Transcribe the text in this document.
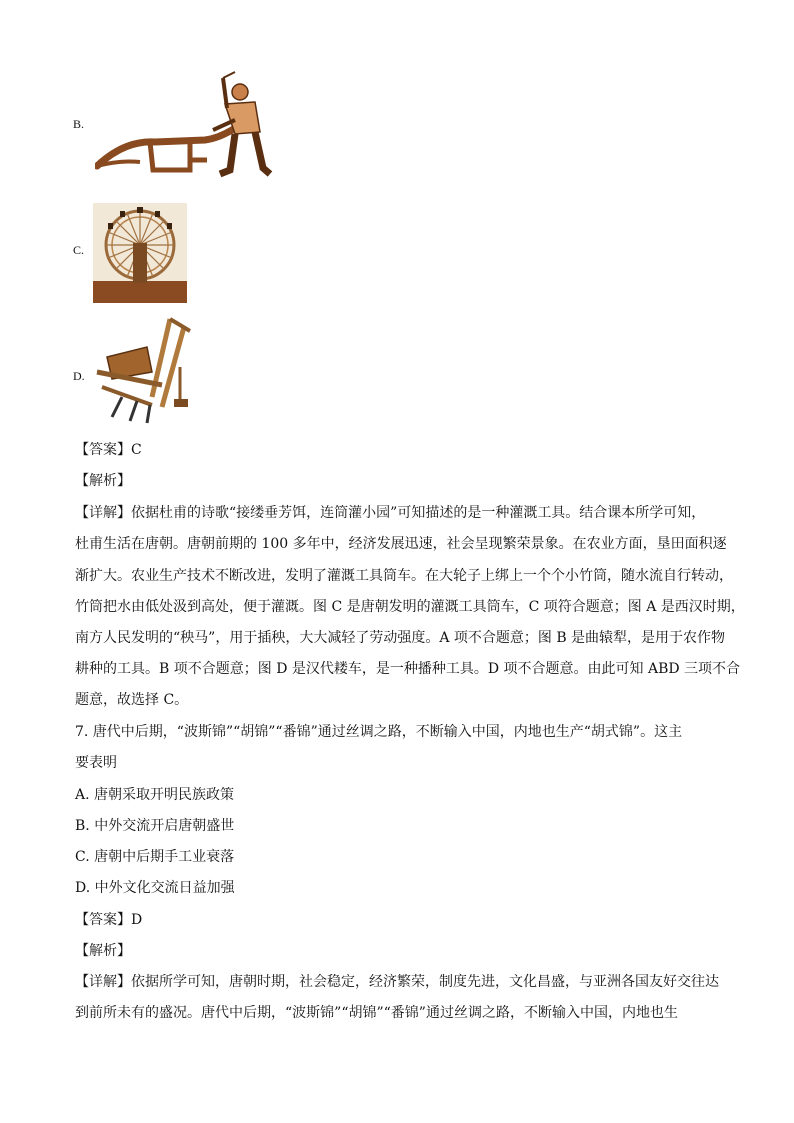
B.
C.
D.
【答案】C
【解析】
【详解】依据杜甫的诗歌“接缕垂芳饵，连筒灌小园”可知描述的是一种灌溉工具。结合课本所学可知，
杜甫生活在唐朝。唐朝前期的 100 多年中，经济发展迅速，社会呈现繁荣景象。在农业方面，垦田面积逐
渐扩大。农业生产技术不断改进，发明了灌溉工具筒车。在大轮子上绑上一个个小竹筒，随水流自行转动，
竹筒把水由低处汲到高处，便于灌溉。图 C 是唐朝发明的灌溉工具筒车，C 项符合题意；图 A 是西汉时期，
南方人民发明的“秧马”，用于插秧，大大减轻了劳动强度。A 项不合题意；图 B 是曲辕犁，是用于农作物
耕种的工具。B 项不合题意；图 D 是汉代耧车，是一种播种工具。D 项不合题意。由此可知 ABD 三项不合
题意，故选择 C。
7. 唐代中后期，“波斯锦”“胡锦”“番锦”通过丝调之路，不断输入中国，内地也生产“胡式锦”。这主
要表明
A. 唐朝采取开明民族政策
B. 中外交流开启唐朝盛世
C. 唐朝中后期手工业衰落
D. 中外文化交流日益加强
【答案】D
【解析】
【详解】依据所学可知，唐朝时期，社会稳定，经济繁荣，制度先进，文化昌盛，与亚洲各国友好交往达
到前所未有的盛况。唐代中后期，“波斯锦”“胡锦”“番锦”通过丝调之路，不断输入中国，内地也生
